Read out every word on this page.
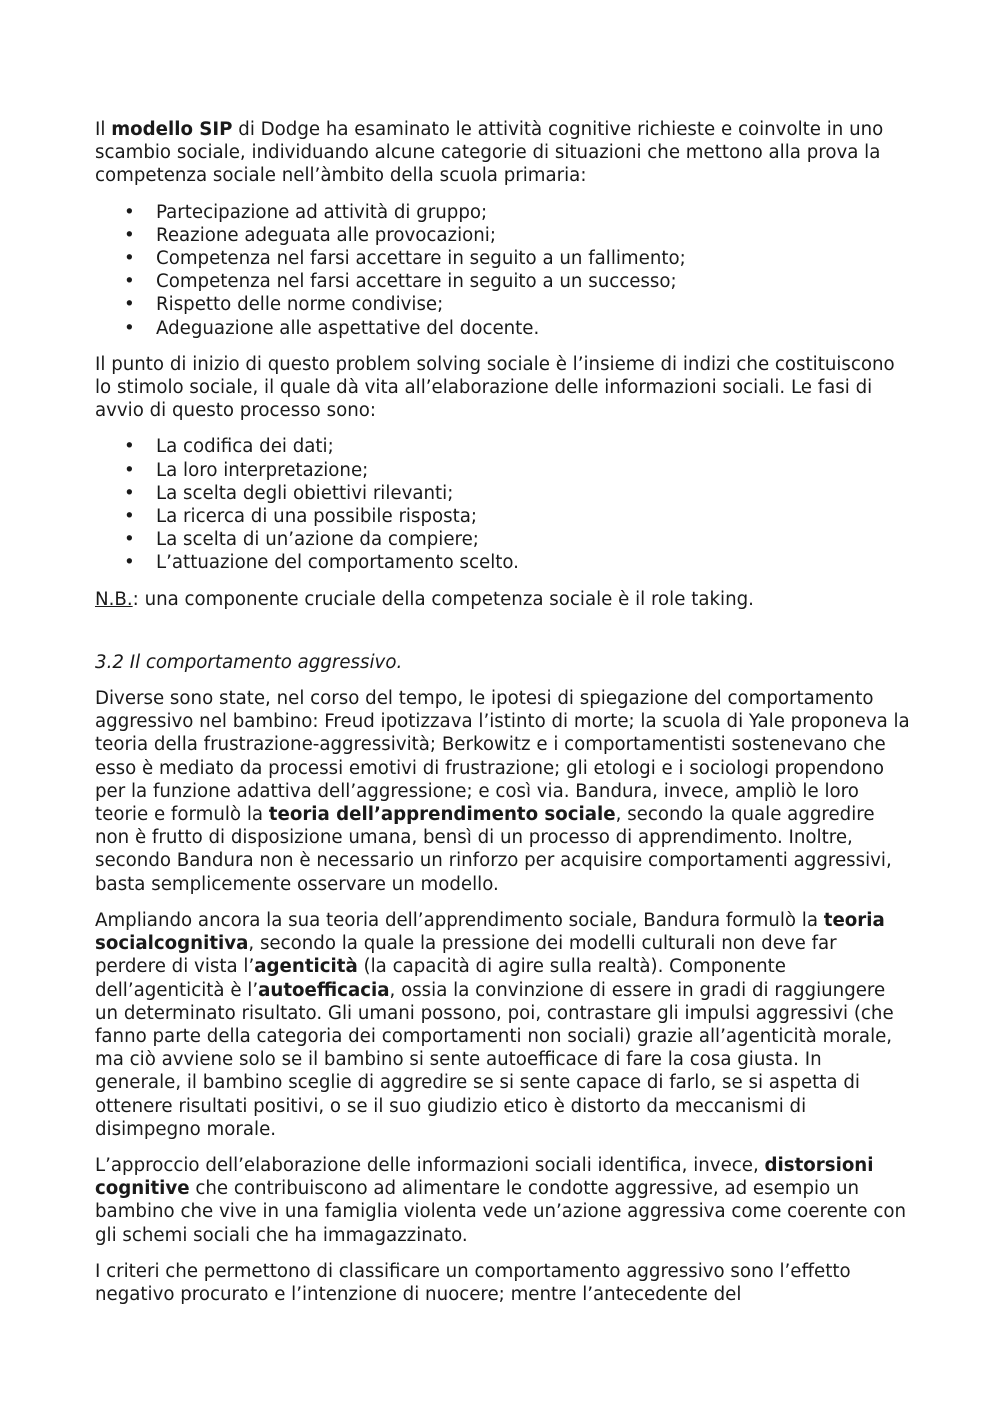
Il modello SIP di Dodge ha esaminato le attività cognitive richieste e coinvolte in uno scambio sociale, individuando alcune categorie di situazioni che mettono alla prova la competenza sociale nell’àmbito della scuola primaria:

• Partecipazione ad attività di gruppo;
• Reazione adeguata alle provocazioni;
• Competenza nel farsi accettare in seguito a un fallimento;
• Competenza nel farsi accettare in seguito a un successo;
• Rispetto delle norme condivise;
• Adeguazione alle aspettative del docente.

Il punto di inizio di questo problem solving sociale è l’insieme di indizi che costituiscono lo stimolo sociale, il quale dà vita all’elaborazione delle informazioni sociali. Le fasi di avvio di questo processo sono:

• La codifica dei dati;
• La loro interpretazione;
• La scelta degli obiettivi rilevanti;
• La ricerca di una possibile risposta;
• La scelta di un’azione da compiere;
• L’attuazione del comportamento scelto.

N.B.: una componente cruciale della competenza sociale è il role taking.

3.2 Il comportamento aggressivo.

Diverse sono state, nel corso del tempo, le ipotesi di spiegazione del comportamento aggressivo nel bambino: Freud ipotizzava l’istinto di morte; la scuola di Yale proponeva la teoria della frustrazione-aggressività; Berkowitz e i comportamentisti sostenevano che esso è mediato da processi emotivi di frustrazione; gli etologi e i sociologi propendono per la funzione adattiva dell’aggressione; e così via. Bandura, invece, ampliò le loro teorie e formulò la teoria dell’apprendimento sociale, secondo la quale aggredire non è frutto di disposizione umana, bensì di un processo di apprendimento. Inoltre, secondo Bandura non è necessario un rinforzo per acquisire comportamenti aggressivi, basta semplicemente osservare un modello.

Ampliando ancora la sua teoria dell’apprendimento sociale, Bandura formulò la teoria socialcognitiva, secondo la quale la pressione dei modelli culturali non deve far perdere di vista l’agenticità (la capacità di agire sulla realtà). Componente dell’agenticità è l’autoefficacia, ossia la convinzione di essere in gradi di raggiungere un determinato risultato. Gli umani possono, poi, contrastare gli impulsi aggressivi (che fanno parte della categoria dei comportamenti non sociali) grazie all’agenticità morale, ma ciò avviene solo se il bambino si sente autoefficace di fare la cosa giusta. In generale, il bambino sceglie di aggredire se si sente capace di farlo, se si aspetta di ottenere risultati positivi, o se il suo giudizio etico è distorto da meccanismi di disimpegno morale.

L’approccio dell’elaborazione delle informazioni sociali identifica, invece, distorsioni cognitive che contribuiscono ad alimentare le condotte aggressive, ad esempio un bambino che vive in una famiglia violenta vede un’azione aggressiva come coerente con gli schemi sociali che ha immagazzinato.

I criteri che permettono di classificare un comportamento aggressivo sono l’effetto negativo procurato e l’intenzione di nuocere; mentre l’antecedente del
